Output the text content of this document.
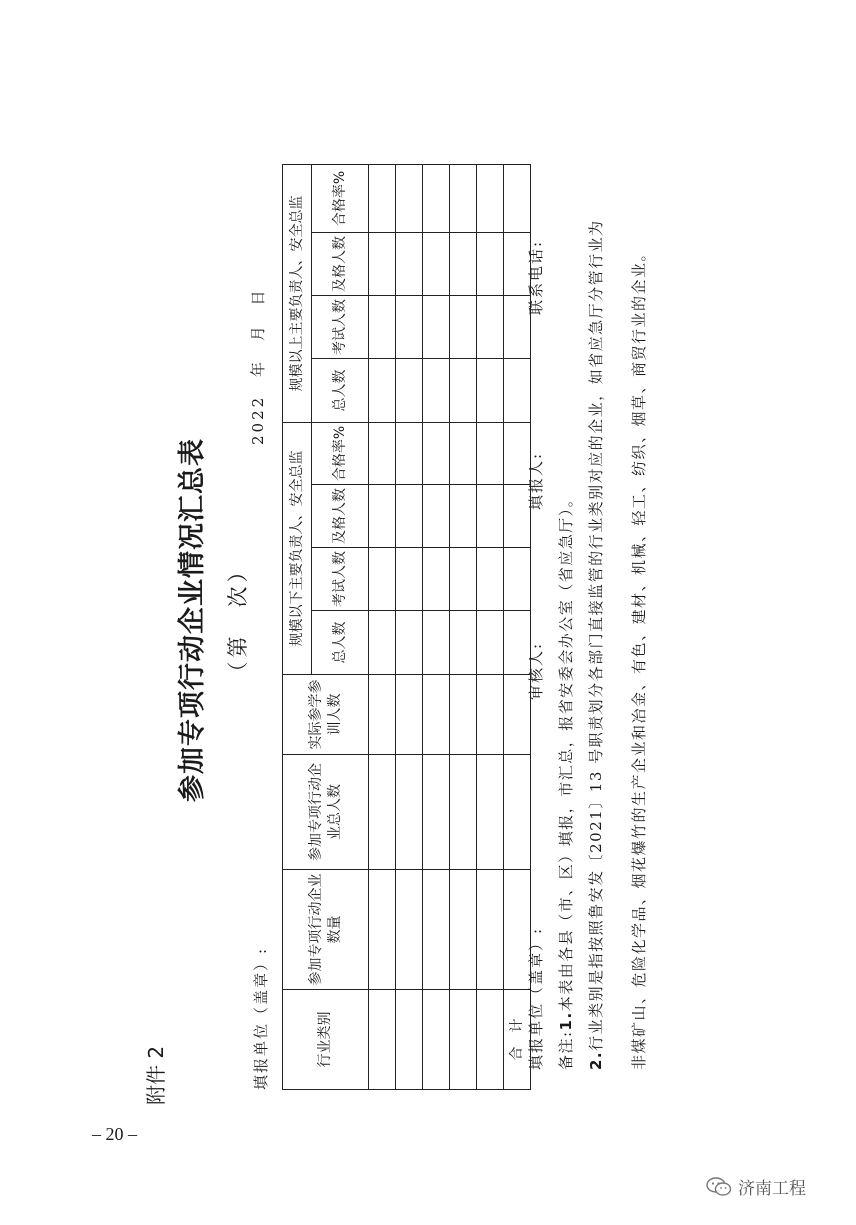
– 20 –
附件 2
参加专项行动企业情况汇总表 （第　次）
填报单位（盖章）:
2022 年 月 日
行业类别	参加专项行动企业数量	参加专项行动企业总人数	实际参学参训人数	规模以下主要负责人、安全总监				规模以上主要负责人、安全总监			
				总人数	考试人数	及格人数	合格率%	总人数	考试人数	及格人数	合格率%

合　计											填报单位（盖章）:
审核人:
填报人:
联系电话:
备注:1.本表由各县（市、区）填报，市汇总，报省安委会办公室（省应急厅）。
2.行业类别是指按照鲁安发〔2021〕13 号职责划分各部门直接监管的行业类别对应的企业，如省应急厅分管行业为 非煤矿山、危险化学品、烟花爆竹的生产企业和冶金、有色、建材、机械、轻工、纺织、烟草、商贸行业的企业。
济南工程
